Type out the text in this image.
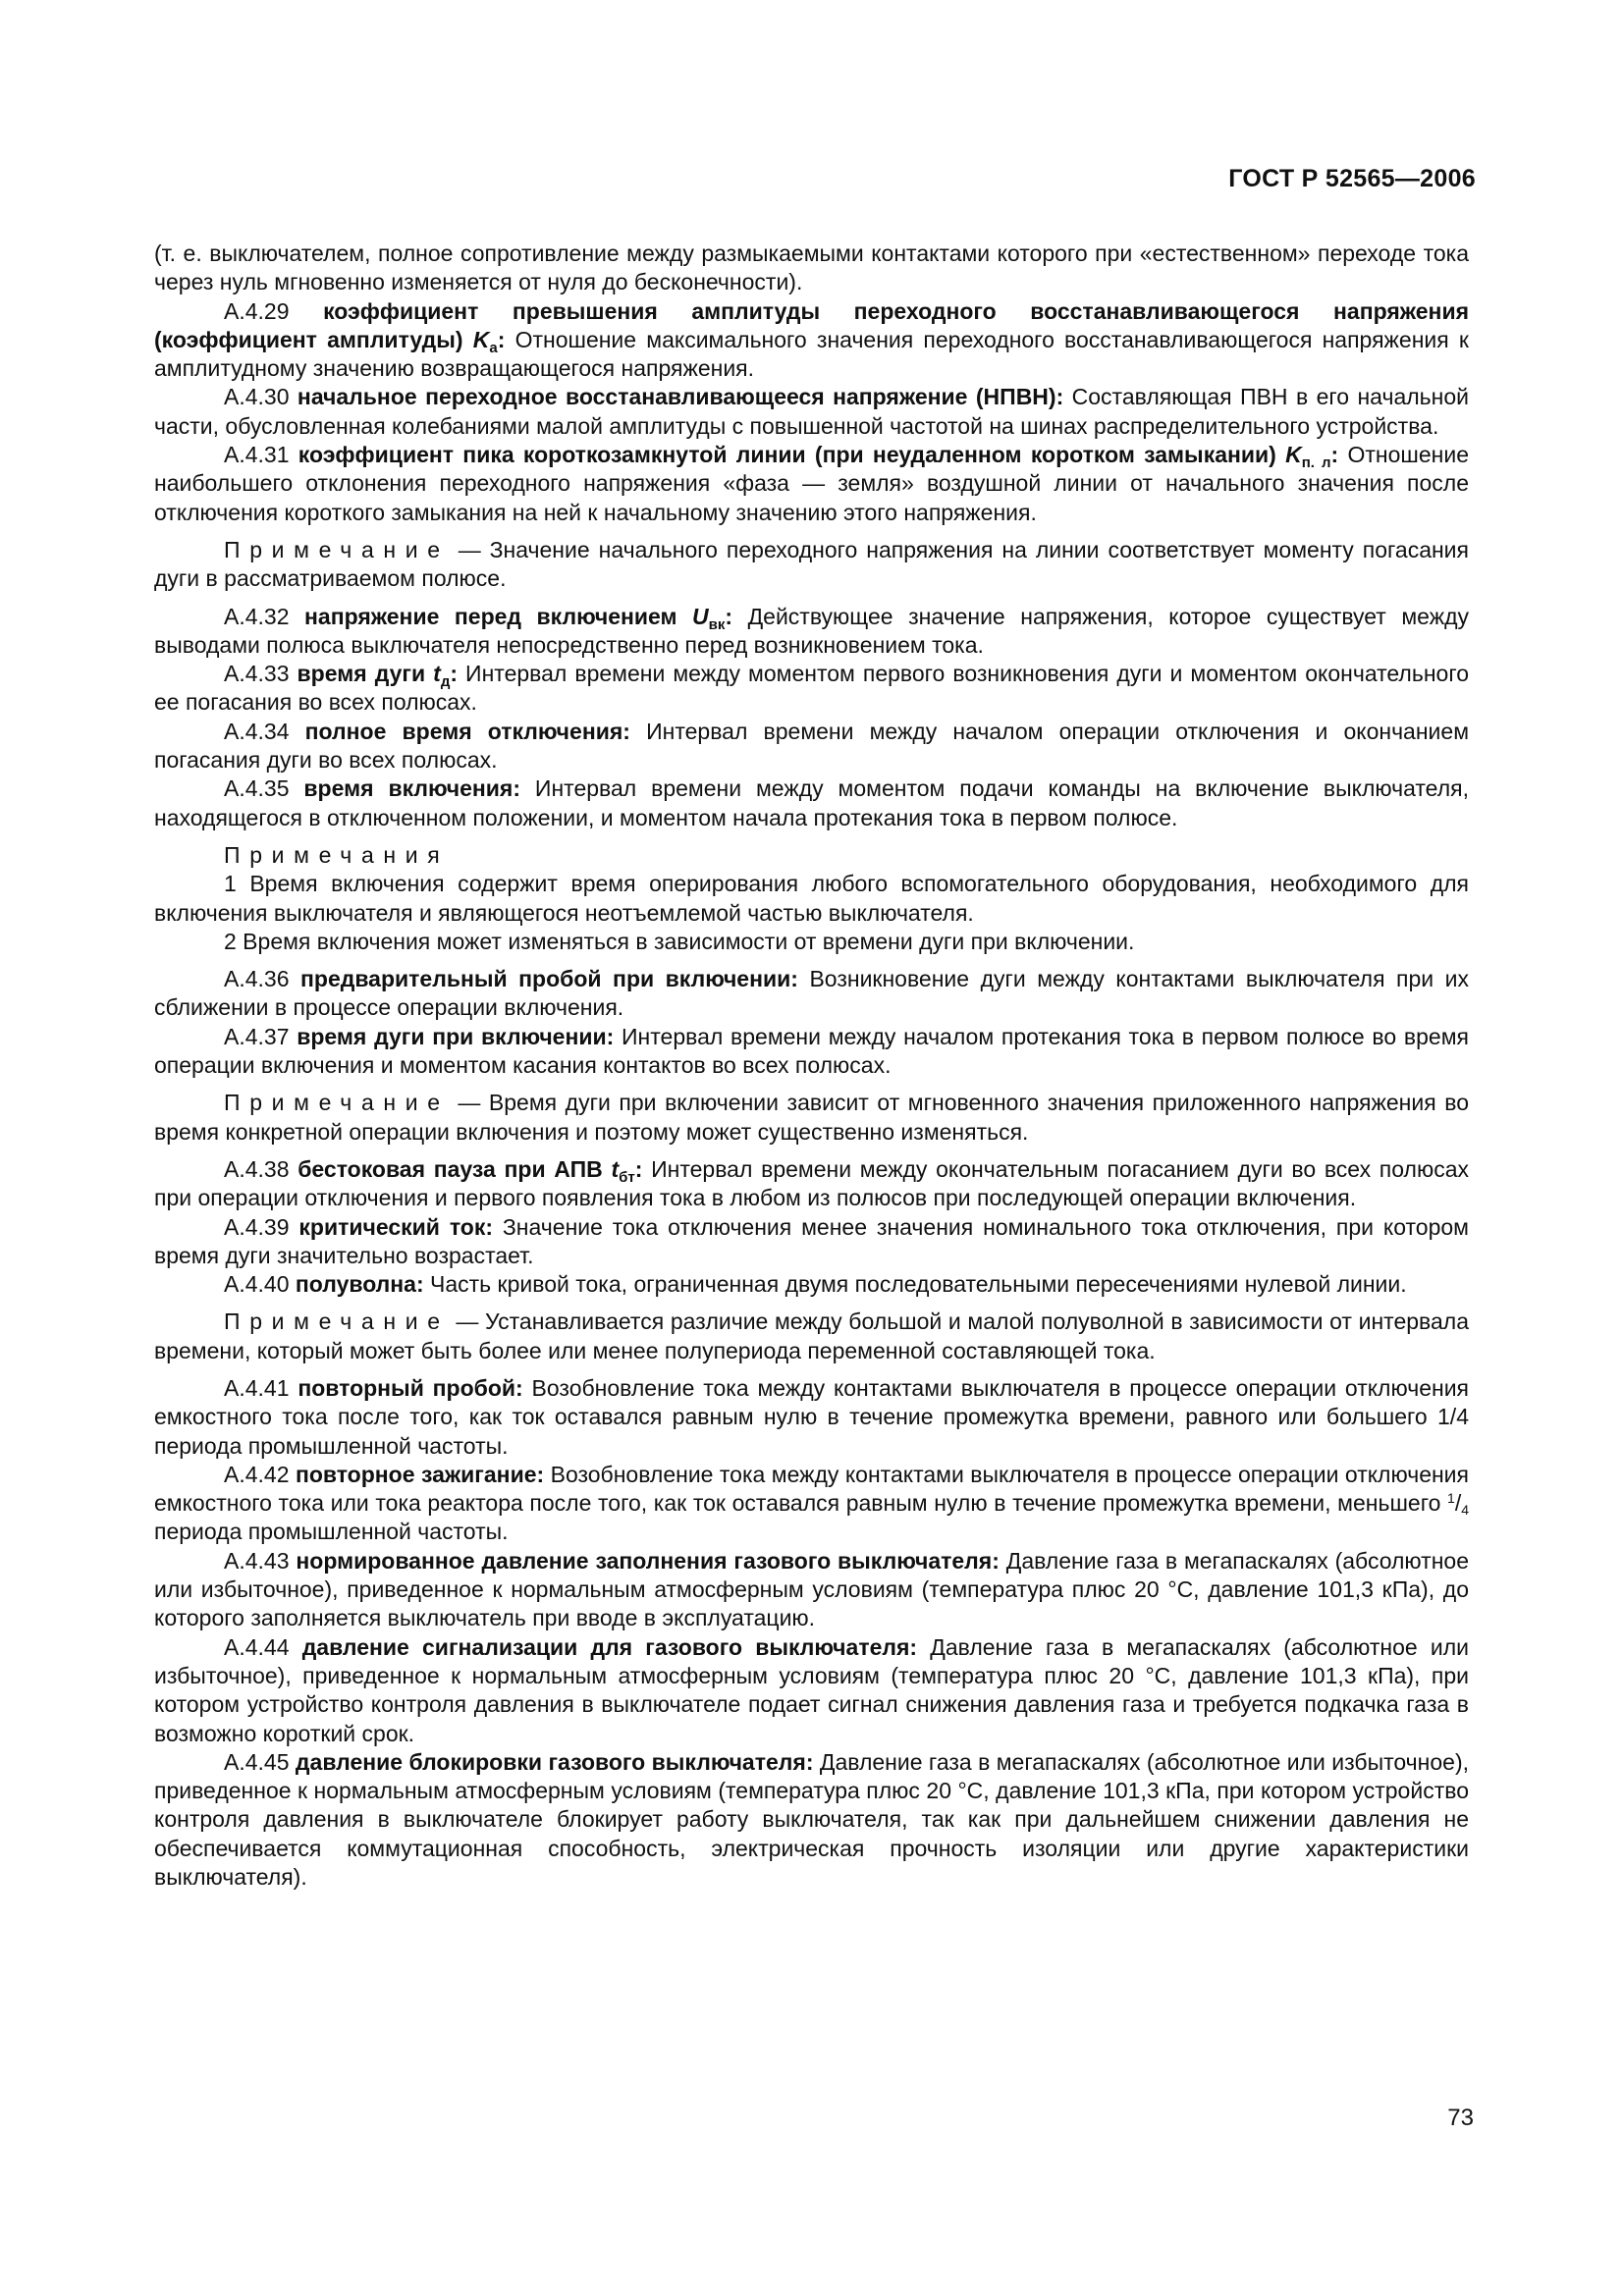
ГОСТ Р 52565—2006

(т. е. выключателем, полное сопротивление между размыкаемыми контактами которого при «естественном» переходе тока через нуль мгновенно изменяется от нуля до бесконечности).

А.4.29 коэффициент превышения амплитуды переходного восстанавливающегося напряжения (коэффициент амплитуды) $K_а$: Отношение максимального значения переходного восстанавливающегося напряжения к амплитудному значению возвращающегося напряжения.

А.4.30 начальное переходное восстанавливающееся напряжение (НПВН): Составляющая ПВН в его начальной части, обусловленная колебаниями малой амплитуды с повышенной частотой на шинах распределительного устройства.

А.4.31 коэффициент пика короткозамкнутой линии (при неудаленном коротком замыкании) $K_{п. л}$: Отношение наибольшего отклонения переходного напряжения «фаза — земля» воздушной линии от начального значения после отключения короткого замыкания на ней к начальному значению этого напряжения.

Примечание — Значение начального переходного напряжения на линии соответствует моменту погасания дуги в рассматриваемом полюсе.

А.4.32 напряжение перед включением $U_{вк}$: Действующее значение напряжения, которое существует между выводами полюса выключателя непосредственно перед возникновением тока.

А.4.33 время дуги $t_д$: Интервал времени между моментом первого возникновения дуги и моментом окончательного ее погасания во всех полюсах.

А.4.34 полное время отключения: Интервал времени между началом операции отключения и окончанием погасания дуги во всех полюсах.

А.4.35 время включения: Интервал времени между моментом подачи команды на включение выключателя, находящегося в отключенном положении, и моментом начала протекания тока в первом полюсе.

Примечания

1 Время включения содержит время оперирования любого вспомогательного оборудования, необходимого для включения выключателя и являющегося неотъемлемой частью выключателя.

2 Время включения может изменяться в зависимости от времени дуги при включении.

А.4.36 предварительный пробой при включении: Возникновение дуги между контактами выключателя при их сближении в процессе операции включения.

А.4.37 время дуги при включении: Интервал времени между началом протекания тока в первом полюсе во время операции включения и моментом касания контактов во всех полюсах.

Примечание — Время дуги при включении зависит от мгновенного значения приложенного напряжения во время конкретной операции включения и поэтому может существенно изменяться.

А.4.38 бестоковая пауза при АПВ $t_{бт}$: Интервал времени между окончательным погасанием дуги во всех полюсах при операции отключения и первого появления тока в любом из полюсов при последующей операции включения.

А.4.39 критический ток: Значение тока отключения менее значения номинального тока отключения, при котором время дуги значительно возрастает.

А.4.40 полуволна: Часть кривой тока, ограниченная двумя последовательными пересечениями нулевой линии.

Примечание — Устанавливается различие между большой и малой полуволной в зависимости от интервала времени, который может быть более или менее полупериода переменной составляющей тока.

А.4.41 повторный пробой: Возобновление тока между контактами выключателя в процессе операции отключения емкостного тока после того, как ток оставался равным нулю в течение промежутка времени, равного или большего 1/4 периода промышленной частоты.

А.4.42 повторное зажигание: Возобновление тока между контактами выключателя в процессе операции отключения емкостного тока или тока реактора после того, как ток оставался равным нулю в течение промежутка времени, меньшего $^1/_4$ периода промышленной частоты.

А.4.43 нормированное давление заполнения газового выключателя: Давление газа в мегапаскалях (абсолютное или избыточное), приведенное к нормальным атмосферным условиям (температура плюс 20 °С, давление 101,3 кПа), до которого заполняется выключатель при вводе в эксплуатацию.

А.4.44 давление сигнализации для газового выключателя: Давление газа в мегапаскалях (абсолютное или избыточное), приведенное к нормальным атмосферным условиям (температура плюс 20 °С, давление 101,3 кПа), при котором устройство контроля давления в выключателе подает сигнал снижения давления газа и требуется подкачка газа в возможно короткий срок.

А.4.45 давление блокировки газового выключателя: Давление газа в мегапаскалях (абсолютное или избыточное), приведенное к нормальным атмосферным условиям (температура плюс 20 °С, давление 101,3 кПа, при котором устройство контроля давления в выключателе блокирует работу выключателя, так как при дальнейшем снижении давления не обеспечивается коммутационная способность, электрическая прочность изоляции или другие характеристики выключателя).

73
